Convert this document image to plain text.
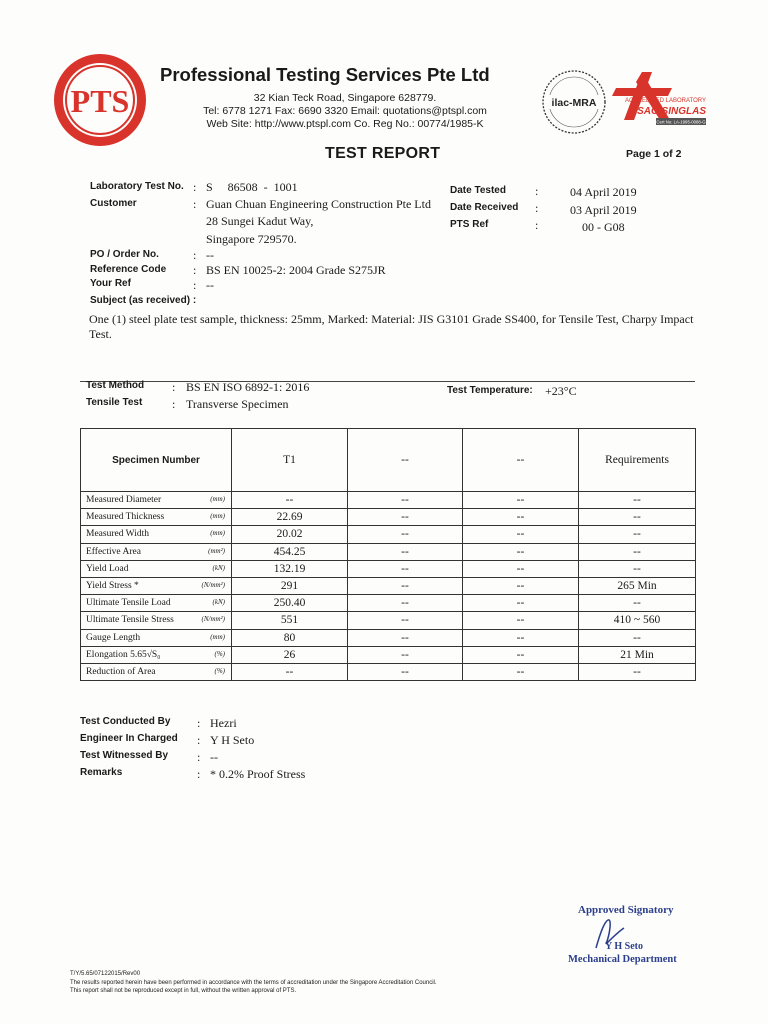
PTS
Professional Testing Services Pte Ltd
32 Kian Teck Road, Singapore 628779.
Tel: 6778 1271 Fax: 6690 3320 Email: quotations@ptspl.com
Web Site: http://www.ptspl.com Co. Reg No.: 00774/1985-K
ilac-MRA	ACCREDITED LABORATORY
SAC-SINGLAS
Cert No: LA-1995-0088-G
TEST REPORT	Page 1 of 2
Laboratory Test No. : S     86508  -  1001
Customer	: Guan Chuan Engineering Construction Pte Ltd
28 Sungei Kadut Way,
Singapore 729570.
PO / Order No.	: --
Reference Code : BS EN 10025-2: 2004 Grade S275JR
Your Ref	: --
Subject (as received) :
One (1) steel plate test sample, thickness: 25mm, Marked: Material: JIS G3101 Grade SS400, for Tensile Test, Charpy Impact Test.
Date Tested :	04 April 2019
Date Received :	03 April 2019
PTS Ref	:	00 - G08
Test Method : BS EN ISO 6892-1: 2016
Tensile Test : Transverse Specimen
Test Temperature: +23°C
Specimen Number	T1	--	--	Requirements
Measured Diameter (mm)	--	--	--	--
Measured Thickness (mm)	22.69	--	--	--
Measured Width (mm)	20.02	--	--	--
Effective Area (mm²)	454.25	--	--	--
Yield Load (kN)	132.19	--	--	--
Yield Stress * (N/mm²)	291	--	--	265 Min
Ultimate Tensile Load (kN)	250.40	--	--	--
Ultimate Tensile Stress (N/mm²)	551	--	--	410 ~ 560
Gauge Length (mm)	80	--	--	--
Elongation 5.65√S₀ (%)	26	--	--	21 Min
Reduction of Area (%)	--	--	--	--
Test Conducted By : Hezri
Engineer In Charged : Y H Seto
Test Witnessed By : --
Remarks	: * 0.2% Proof Stress
Approved Signatory
Y H Seto
Mechanical Department
T/Y/5.65/07122015/Rev00
The results reported herein have been performed in accordance with the terms of accreditation under the Singapore Accreditation Council.
This report shall not be reproduced except in full, without the written approval of PTS.
